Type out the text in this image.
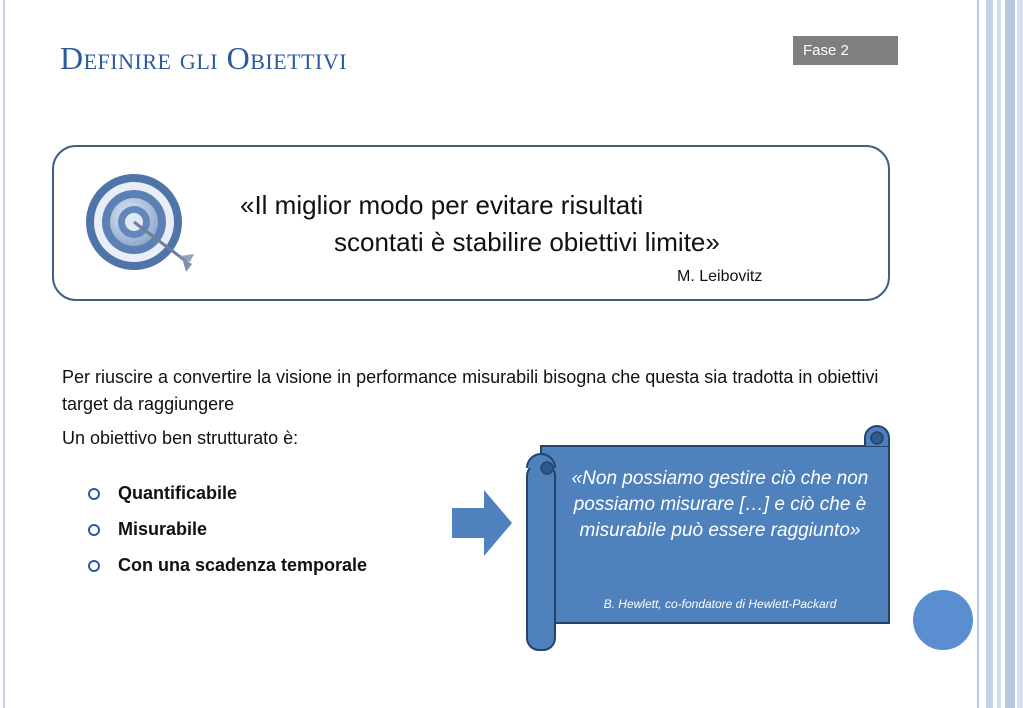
Definire gli Obiettivi	Fase 2
«Il miglior modo per evitare risultati
scontati è stabilire obiettivi limite»
M. Leibovitz
Per riuscire a convertire la visione in performance misurabili bisogna che questa sia tradotta in obiettivi target da raggiungere
Un obiettivo ben strutturato è:
Quantificabile
Misurabile
Con una scadenza temporale
«Non possiamo gestire ciò che non possiamo misurare […] e ciò che è misurabile può essere raggiunto»
B. Hewlett, co-fondatore di Hewlett-Packard
